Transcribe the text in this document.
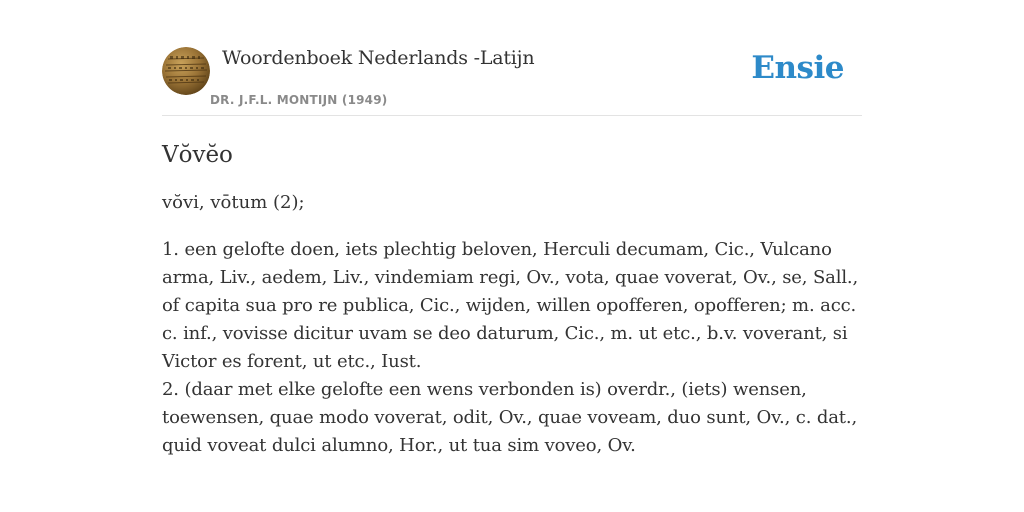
Woordenboek Nederlands -Latijn
DR. J.F.L. MONTIJN (1949)
Ensie
Vŏvĕo
vŏvi, vōtum (2);

1. een gelofte doen, iets plechtig beloven, Herculi decumam, Cic., Vulcano arma, Liv., aedem, Liv., vindemiam regi, Ov., vota, quae voverat, Ov., se, Sall., of capita sua pro re publica, Cic., wijden, willen opofferen, opofferen; m. acc. c. inf., vovisse dicitur uvam se deo daturum, Cic., m. ut etc., b.v. voverant, si Victor es forent, ut etc., Iust.

2. (daar met elke gelofte een wens verbonden is) overdr., (iets) wensen, toewensen, quae modo voverat, odit, Ov., quae voveam, duo sunt, Ov., c. dat., quid voveat dulci alumno, Hor., ut tua sim voveo, Ov.
